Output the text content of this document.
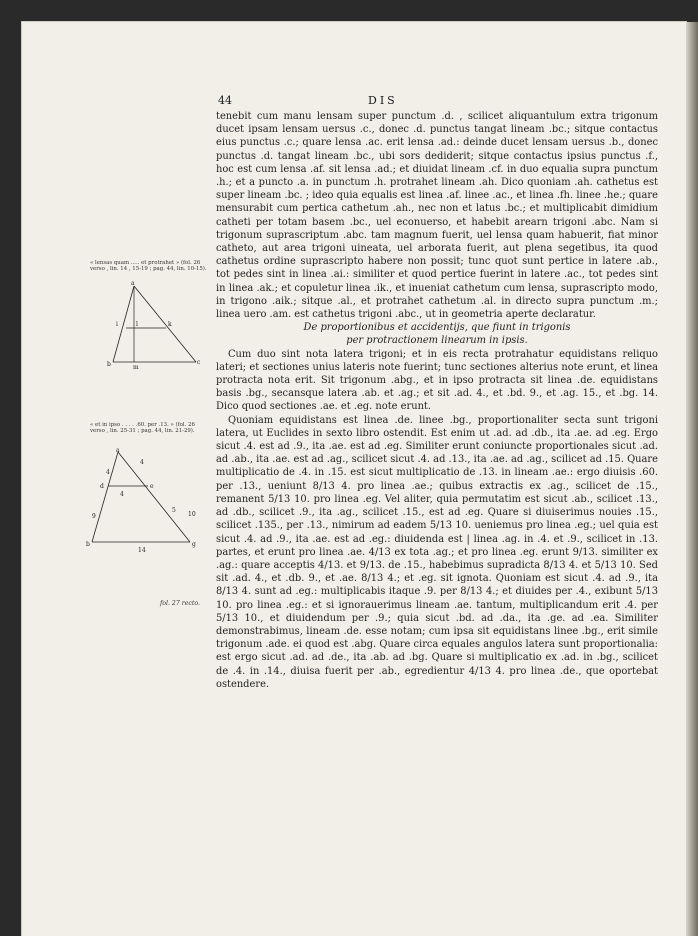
44	DIS
« lensas quam ..... et protrahet » (fol. 26 verso , lin. 14 , 15-19 ; pag. 44, lin. 10-15).
a
i	l	k
b	m
c
« et in ipso . . . . .60. per .13. » (fol. 26 verso , lin. 25-31 ; pag. 44, lin. 21-29).
a
d
4
e
4
4
5
10
g
9
b
14
fol. 27 recto.

tenebit cum manu lensam super punctum .d. , scilicet aliquantulum extra trigonum ducet ipsam lensam uersus .c., donec .d. punctus tangat lineam .bc.; sitque contactus eius punctus .c.; quare lensa .ac. erit lensa .ad.: deinde ducet lensam uersus .b., donec punctus .d. tangat lineam .bc., ubi sors dediderit; sitque contactus ipsius punctus .f., hoc est cum lensa .af. sit lensa .ad.; et diuidat lineam .cf. in duo equalia supra punctum .h.; et a puncto .a. in punctum .h. protrahet lineam .ah. Dico quoniam .ah. cathetus est super lineam .bc. ; ideo quia equalis est linea .af. linee .ac., et linea .fh. linee .he.; quare mensurabit cum pertica cathetum .ah., nec non et latus .bc.; et multiplicabit dimidium catheti per totam basem .bc., uel econuerso, et habebit arearn trigoni .abc. Nam si trigonum suprascriptum .abc. tam magnum fuerit, uel lensa quam habuerit, fiat minor catheto, aut area trigoni uineata, uel arborata fuerit, aut plena segetibus, ita quod cathetus ordine suprascripto habere non possit; tunc quot sunt pertice in latere .ab., tot pedes sint in linea .ai.: similiter et quod pertice fuerint in latere .ac., tot pedes sint in linea .ak.; et copuletur linea .ik., et inueniat cathetum cum lensa, suprascripto modo, in trigono .aik.; sitque .al., et protrahet cathetum .al. in directo supra punctum .m.; linea uero .am. est cathetus trigoni .abc., ut in geometria aperte declaratur.

De proportionibus et accidentijs, que fiunt in trigonis

per protractionem linearum in ipsis.

Cum duo sint nota latera trigoni; et in eis recta protrahatur equidistans reliquo lateri; et sectiones unius lateris note fuerint; tunc sectiones alterius note erunt, et linea protracta nota erit. Sit trigonum .abg., et in ipso protracta sit linea .de. equidistans basis .bg., secansque latera .ab. et .ag.; et sit .ad. 4., et .bd. 9., et .ag. 15., et .bg. 14. Dico quod sectiones .ae. et .eg. note erunt.

Quoniam equidistans est linea .de. linee .bg., proportionaliter secta sunt trigoni latera, ut Euclides in sexto libro ostendit. Est enim ut .ad. ad .db., ita .ae. ad .eg. Ergo sicut .4. est ad .9., ita .ae. est ad .eg. Similiter erunt coniuncte proportionales sicut .ad. ad .ab., ita .ae. est ad .ag., scilicet sicut .4. ad .13., ita .ae. ad .ag., scilicet ad .15. Quare multiplicatio de .4. in .15. est sicut multiplicatio de .13. in lineam .ae.: ergo diuisis .60. per .13., ueniunt 8/13 4. pro linea .ae.; quibus extractis ex .ag., scilicet de .15., remanent 5/13 10. pro linea .eg. Vel aliter, quia permutatim est sicut .ab., scilicet .13., ad .db., scilicet .9., ita .ag., scilicet .15., est ad .eg. Quare si diuiserimus nouies .15., scilicet .135., per .13., nimirum ad eadem 5/13 10. ueniemus pro linea .eg.; uel quia est sicut .4. ad .9., ita .ae. est ad .eg.: diuidenda est | linea .ag. in .4. et .9., scilicet in .13. partes, et erunt pro linea .ae. 4/13 ex tota .ag.; et pro linea .eg. erunt 9/13. similiter ex .ag.: quare acceptis 4/13. et 9/13. de .15., habebimus supradicta 8/13 4. et 5/13 10. Sed sit .ad. 4., et .db. 9., et .ae. 8/13 4.; et .eg. sit ignota. Quoniam est sicut .4. ad .9., ita 8/13 4. sunt ad .eg.: multiplicabis itaque .9. per 8/13 4.; et diuides per .4., exibunt 5/13 10. pro linea .eg.: et si ignorauerimus lineam .ae. tantum, multiplicandum erit .4. per 5/13 10., et diuidendum per .9.; quia sicut .bd. ad .da., ita .ge. ad .ea. Similiter demonstrabimus, lineam .de. esse notam; cum ipsa sit equidistans linee .bg., erit simile trigonum .ade. ei quod est .abg. Quare circa equales angulos latera sunt proportionalia: est ergo sicut .ad. ad .de., ita .ab. ad .bg. Quare si multiplicatio ex .ad. in .bg., scilicet de .4. in .14., diuisa fuerit per .ab., egredientur 4/13 4. pro linea .de., que oportebat ostendere.
